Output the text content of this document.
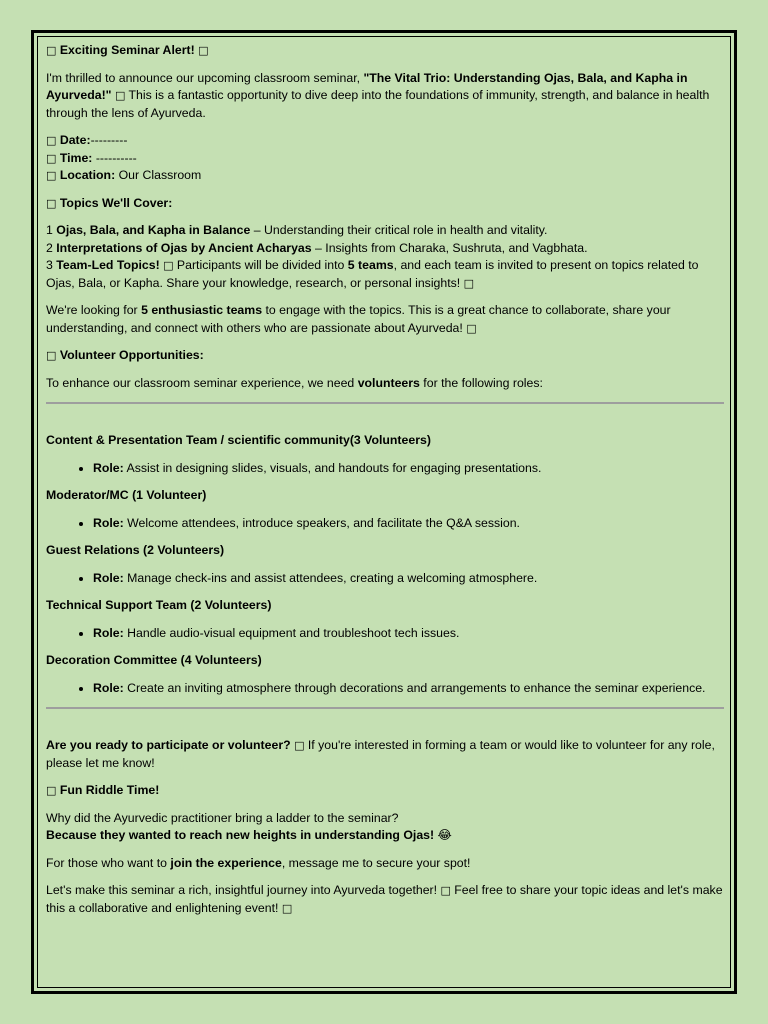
□ Exciting Seminar Alert! □

I'm thrilled to announce our upcoming classroom seminar, "The Vital Trio: Understanding Ojas, Bala, and Kapha in Ayurveda!" □ This is a fantastic opportunity to dive deep into the foundations of immunity, strength, and balance in health through the lens of Ayurveda.

□ Date:---------
□ Time: ----------
□ Location: Our Classroom

□ Topics We'll Cover:

1 Ojas, Bala, and Kapha in Balance – Understanding their critical role in health and vitality.
2 Interpretations of Ojas by Ancient Acharyas – Insights from Charaka, Sushruta, and Vagbhata.
3 Team-Led Topics! □ Participants will be divided into 5 teams, and each team is invited to present on topics related to Ojas, Bala, or Kapha. Share your knowledge, research, or personal insights! □

We're looking for 5 enthusiastic teams to engage with the topics. This is a great chance to collaborate, share your understanding, and connect with others who are passionate about Ayurveda! □

□ Volunteer Opportunities:

To enhance our classroom seminar experience, we need volunteers for the following roles:

Content & Presentation Team / scientific community(3 Volunteers)
• Role: Assist in designing slides, visuals, and handouts for engaging presentations.
Moderator/MC (1 Volunteer)
• Role: Welcome attendees, introduce speakers, and facilitate the Q&A session.
Guest Relations (2 Volunteers)
• Role: Manage check-ins and assist attendees, creating a welcoming atmosphere.
Technical Support Team (2 Volunteers)
• Role: Handle audio-visual equipment and troubleshoot tech issues.
Decoration Committee (4 Volunteers)
• Role: Create an inviting atmosphere through decorations and arrangements to enhance the seminar experience.

Are you ready to participate or volunteer? □ If you're interested in forming a team or would like to volunteer for any role, please let me know!

□ Fun Riddle Time!

Why did the Ayurvedic practitioner bring a ladder to the seminar?
Because they wanted to reach new heights in understanding Ojas! 😂

For those who want to join the experience, message me to secure your spot!

Let's make this seminar a rich, insightful journey into Ayurveda together! □ Feel free to share your topic ideas and let's make this a collaborative and enlightening event! □
